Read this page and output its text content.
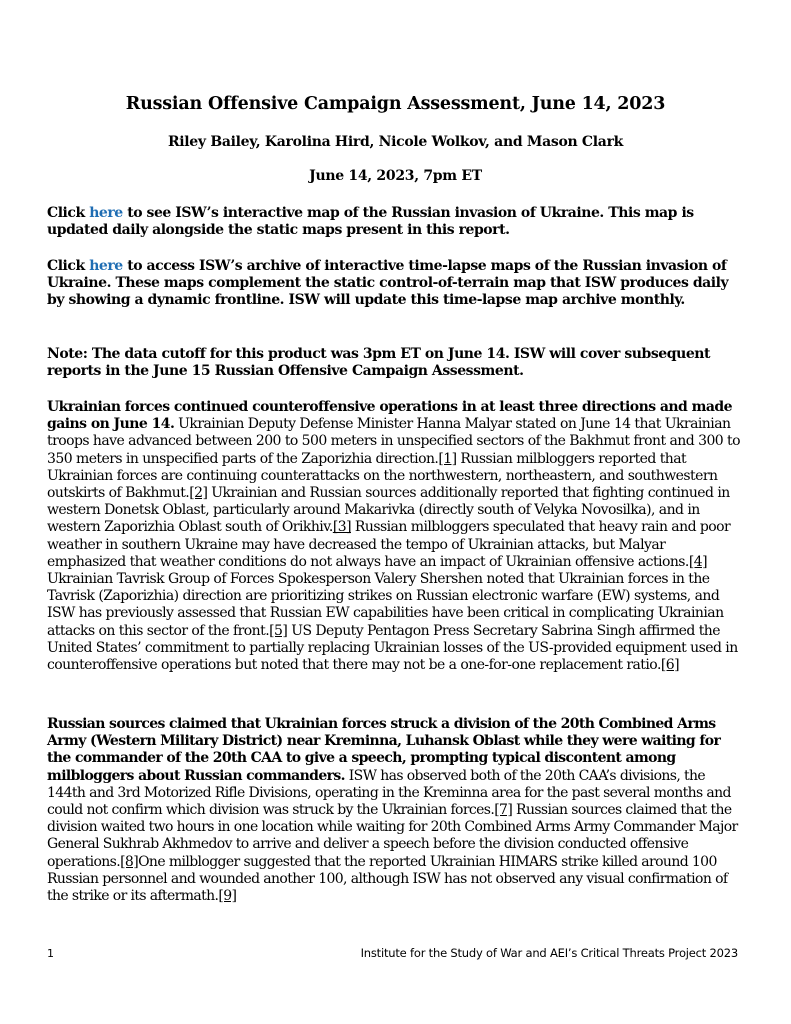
Russian Offensive Campaign Assessment, June 14, 2023
Riley Bailey, Karolina Hird, Nicole Wolkov, and Mason Clark
June 14, 2023, 7pm ET
Click here to see ISW’s interactive map of the Russian invasion of Ukraine. This map is updated daily alongside the static maps present in this report.
Click here to access ISW’s archive of interactive time-lapse maps of the Russian invasion of Ukraine. These maps complement the static control-of-terrain map that ISW produces daily by showing a dynamic frontline. ISW will update this time-lapse map archive monthly.
Note: The data cutoff for this product was 3pm ET on June 14. ISW will cover subsequent reports in the June 15 Russian Offensive Campaign Assessment.
Ukrainian forces continued counteroffensive operations in at least three directions and made gains on June 14. Ukrainian Deputy Defense Minister Hanna Malyar stated on June 14 that Ukrainian troops have advanced between 200 to 500 meters in unspecified sectors of the Bakhmut front and 300 to 350 meters in unspecified parts of the Zaporizhia direction.[1] Russian milbloggers reported that Ukrainian forces are continuing counterattacks on the northwestern, northeastern, and southwestern outskirts of Bakhmut.[2] Ukrainian and Russian sources additionally reported that fighting continued in western Donetsk Oblast, particularly around Makarivka (directly south of Velyka Novosilka), and in western Zaporizhia Oblast south of Orikhiv.[3] Russian milbloggers speculated that heavy rain and poor weather in southern Ukraine may have decreased the tempo of Ukrainian attacks, but Malyar emphasized that weather conditions do not always have an impact of Ukrainian offensive actions.[4] Ukrainian Tavrisk Group of Forces Spokesperson Valery Shershen noted that Ukrainian forces in the Tavrisk (Zaporizhia) direction are prioritizing strikes on Russian electronic warfare (EW) systems, and ISW has previously assessed that Russian EW capabilities have been critical in complicating Ukrainian attacks on this sector of the front.[5] US Deputy Pentagon Press Secretary Sabrina Singh affirmed the United States’ commitment to partially replacing Ukrainian losses of the US-provided equipment used in counteroffensive operations but noted that there may not be a one-for-one replacement ratio.[6]
Russian sources claimed that Ukrainian forces struck a division of the 20th Combined Arms Army (Western Military District) near Kreminna, Luhansk Oblast while they were waiting for the commander of the 20th CAA to give a speech, prompting typical discontent among milbloggers about Russian commanders. ISW has observed both of the 20th CAA’s divisions, the 144th and 3rd Motorized Rifle Divisions, operating in the Kreminna area for the past several months and could not confirm which division was struck by the Ukrainian forces.[7] Russian sources claimed that the division waited two hours in one location while waiting for 20th Combined Arms Army Commander Major General Sukhrab Akhmedov to arrive and deliver a speech before the division conducted offensive operations.[8]One milblogger suggested that the reported Ukrainian HIMARS strike killed around 100 Russian personnel and wounded another 100, although ISW has not observed any visual confirmation of the strike or its aftermath.[9]
1	Institute for the Study of War and AEI’s Critical Threats Project 2023
